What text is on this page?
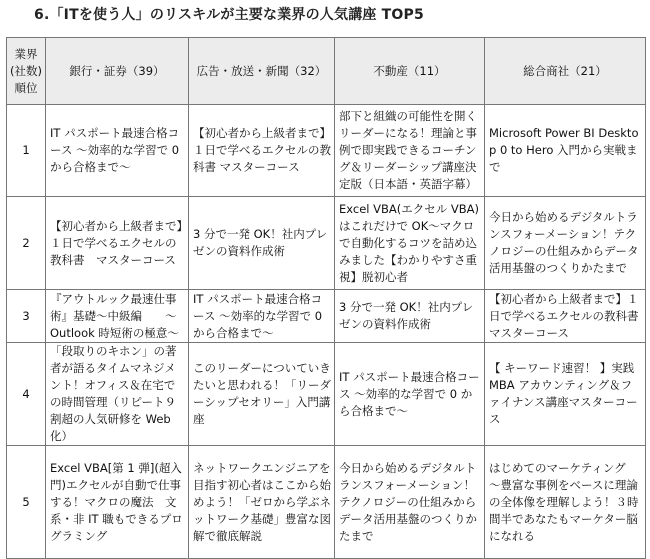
6.「ITを使う人」のリスキルが主要な業界の人気講座 TOP5
業界
(社数)
順位	銀行・証券（39）	広告・放送・新聞（32）	不動産（11）	総合商社（21）
1	IT パスポート最速合格コース ～効率的な学習で 0 から合格まで～	【初心者から上級者まで】１日で学べるエクセルの教科書 マスターコース	部下と組織の可能性を開くリーダーになる！理論と事例で即実践できるコーチング＆リーダーシップ講座決定版（日本語・英語字幕）	Microsoft Power BI Desktop 0 to Hero 入門から実戦まで
2	【初心者から上級者まで】１日で学べるエクセルの教科書　マスターコース	3 分で一発 OK！社内プレゼンの資料作成術	Excel VBA(エクセル VBA)はこれだけで OK～マクロで自動化するコツを詰め込みました【わかりやすさ重視】脱初心者	今日から始めるデジタルトランスフォーメーション！テクノロジーの仕組みからデータ活用基盤のつくりかたまで
3	『アウトルック最速仕事術』基礎～中級編　　～ Outlook 時短術の極意～	IT パスポート最速合格コース ～効率的な学習で 0 から合格まで～	3 分で一発 OK！社内プレゼンの資料作成術	【初心者から上級者まで】１日で学べるエクセルの教科書 マスターコース
4	「段取りのキホン」の著者が語るタイムマネジメント！オフィス＆在宅での時間管理（リピート９割超の人気研修を Web 化）	このリーダーについていきたいと思われる！「リーダーシップセオリー」入門講座	IT パスポート最速合格コース ～効率的な学習で 0 から合格まで～	【 キーワード速習！ 】実践 MBA アカウンティング＆ファイナンス講座マスターコース
5	Excel VBA[第 1 弾](超入門)エクセルが自動で仕事する！マクロの魔法　文系・非 IT 職もできるプログラミング	ネットワークエンジニアを目指す初心者はここから始めよう！「ゼロから学ぶネットワーク基礎」豊富な図解で徹底解説	今日から始めるデジタルトランスフォーメーション！テクノロジーの仕組みからデータ活用基盤のつくりかたまで	はじめてのマーケティング　～豊富な事例をベースに理論の全体像を理解しよう！３時間半であなたもマーケター脳になれる
